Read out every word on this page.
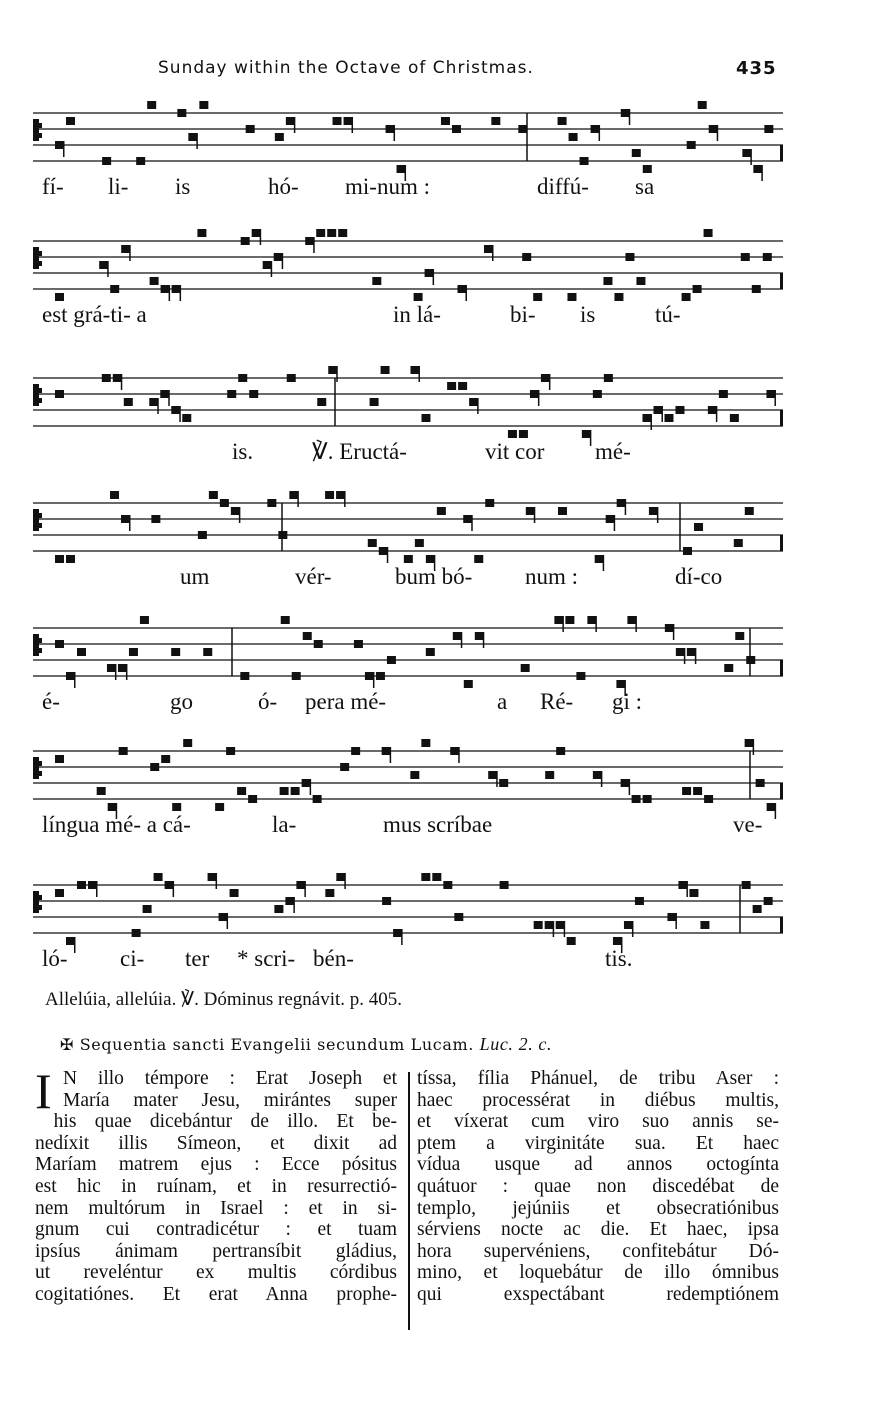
Sunday within the Octave of Christmas.	435
fí- li- is	hó- mi-num :	diffú- sa
est grá-ti- a	in lá-	bi- is	tú-
is.	℣. Eructá-	vit cor mé-
um	vér-	bum bó- num :	dí-co
é-	go	ó- pera mé-	a Ré- gi :
língua mé- a cá-	la-	mus scríbae	ve-
ló- ci- ter * scri- bén-	tis.
Allelúia, allelúia. ℣. Dóminus regnávit. p. 405.
✠ Sequentia sancti Evangelii secundum Lucam. Luc. 2. c.
I N illo témpore : Erat Joseph et
María mater Jesu, mirántes super
his quae dicebántur de illo. Et be-
nedíxit illis Símeon, et dixit ad
Maríam matrem ejus : Ecce pósitus
est hic in ruínam, et in resurrectió-
nem multórum in Israel : et in si-
gnum cui contradicétur : et tuam
ipsíus ánimam pertransíbit gládius,
ut reveléntur ex multis córdibus
cogitatiónes. Et erat Anna prophe-
tíssa, fília Phánuel, de tribu Aser :
haec processérat in diébus multis,
et víxerat cum viro suo annis se-
ptem a virginitáte sua. Et haec
vídua usque ad annos octogínta
quátuor : quae non discedébat de
templo, jejúniis et obsecratiónibus
sérviens nocte ac die. Et haec, ipsa
hora supervéniens, confitebátur Dó-
mino, et loquebátur de illo ómnibus
qui exspectábant redemptiónem
